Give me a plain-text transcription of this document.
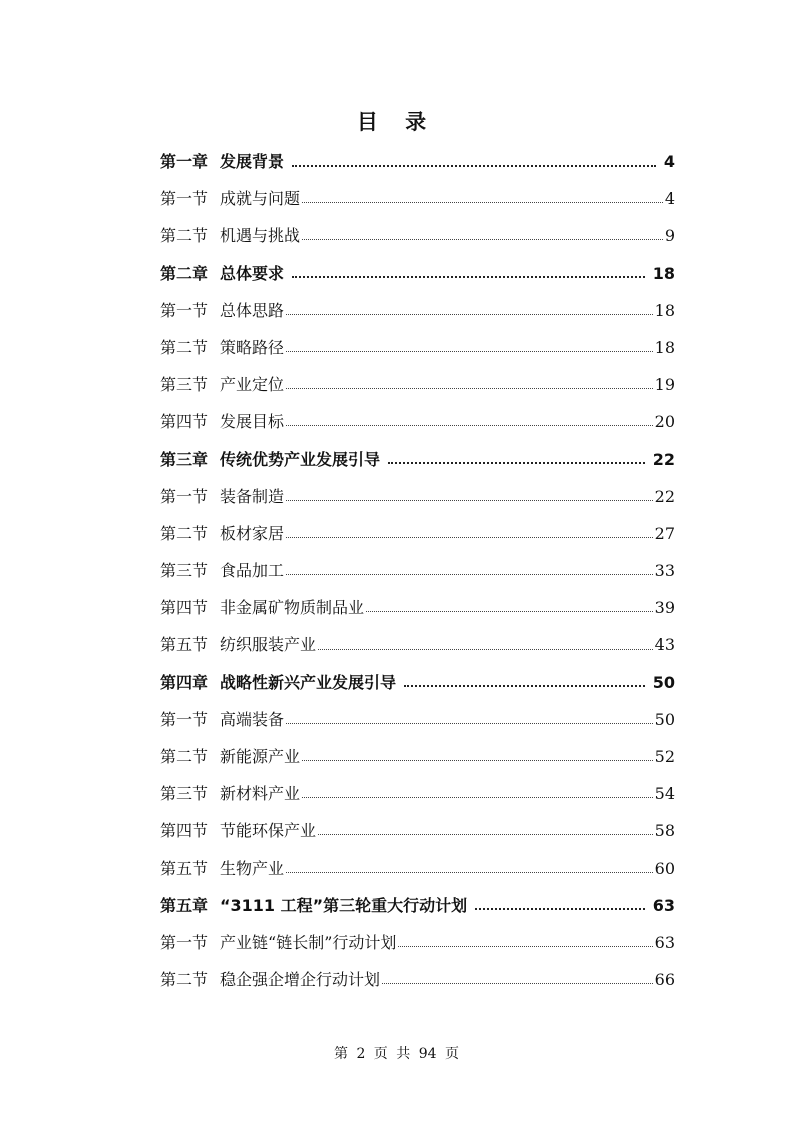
目 录
第一章 发展背景	4
第一节 成就与问题	4
第二节 机遇与挑战	9
第二章 总体要求	18
第一节 总体思路	18
第二节 策略路径	18
第三节 产业定位	19
第四节 发展目标	20
第三章 传统优势产业发展引导	22
第一节 装备制造	22
第二节 板材家居	27
第三节 食品加工	33
第四节 非金属矿物质制品业	39
第五节 纺织服装产业	43
第四章 战略性新兴产业发展引导	50
第一节 高端装备	50
第二节 新能源产业	52
第三节 新材料产业	54
第四节 节能环保产业	58
第五节 生物产业	60
第五章 “3111 工程”第三轮重大行动计划	63
第一节 产业链“链长制”行动计划	63
第二节 稳企强企增企行动计划	66
第 2 页 共 94 页
